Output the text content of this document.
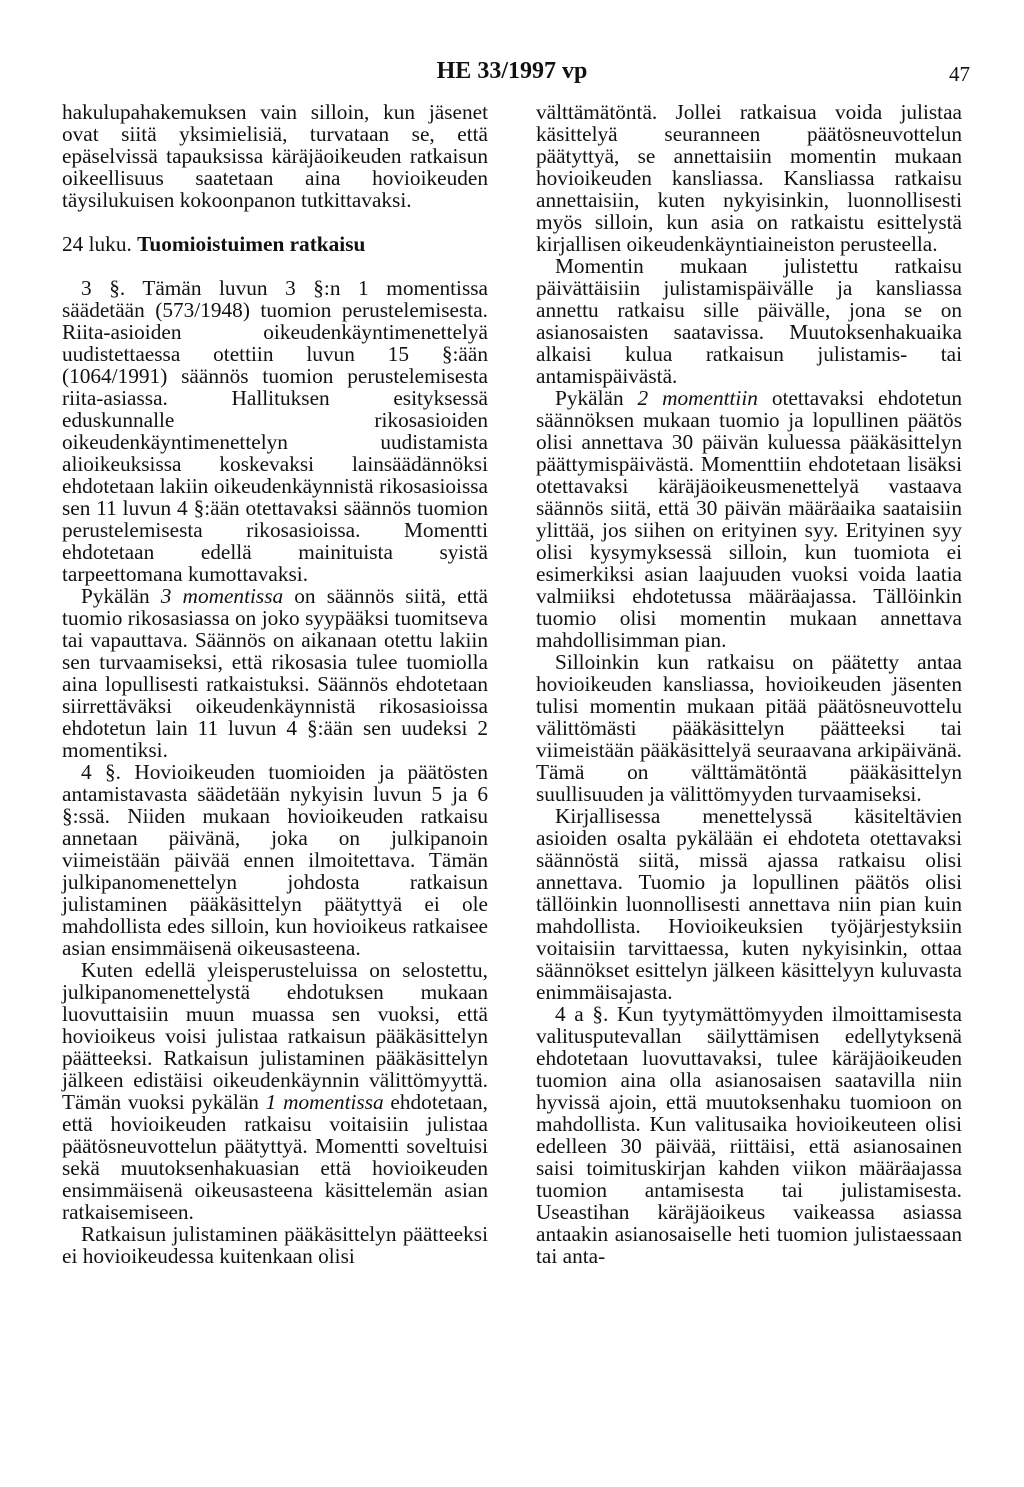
HE 33/1997 vp	47

hakulupahakemuksen vain silloin, kun jäsenet ovat siitä yksimielisiä, turvataan se, että epäselvissä tapauksissa käräjäoikeuden ratkaisun oikeellisuus saatetaan aina hovioikeuden täysilukuisen kokoonpanon tutkittavaksi.

24 luku. Tuomioistuimen ratkaisu

3 §. Tämän luvun 3 §:n 1 momentissa säädetään (573/1948) tuomion perustelemisesta. Riita-asioiden oikeudenkäyntimenettelyä uudistettaessa otettiin luvun 15 §:ään (1064/1991) säännös tuomion perustelemisesta riita-asiassa. Hallituksen esityksessä eduskunnalle rikosasioiden oikeudenkäyntimenettelyn uudistamista alioikeuksissa koskevaksi lainsäädännöksi ehdotetaan lakiin oikeudenkäynnistä rikosasioissa sen 11 luvun 4 §:ään otettavaksi säännös tuomion perustelemisesta rikosasioissa. Momentti ehdotetaan edellä mainituista syistä tarpeettomana kumottavaksi.

Pykälän 3 momentissa on säännös siitä, että tuomio rikosasiassa on joko syypääksi tuomitseva tai vapauttava. Säännös on aikanaan otettu lakiin sen turvaamiseksi, että rikosasia tulee tuomiolla aina lopullisesti ratkaistuksi. Säännös ehdotetaan siirrettäväksi oikeudenkäynnistä rikosasioissa ehdotetun lain 11 luvun 4 §:ään sen uudeksi 2 momentiksi.

4 §. Hovioikeuden tuomioiden ja päätösten antamistavasta säädetään nykyisin luvun 5 ja 6 §:ssä. Niiden mukaan hovioikeuden ratkaisu annetaan päivänä, joka on julkipanoin viimeistään päivää ennen ilmoitettava. Tämän julkipanomenettelyn johdosta ratkaisun julistaminen pääkäsittelyn päätyttyä ei ole mahdollista edes silloin, kun hovioikeus ratkaisee asian ensimmäisenä oikeusasteena.

Kuten edellä yleisperusteluissa on selostettu, julkipanomenettelystä ehdotuksen mukaan luovuttaisiin muun muassa sen vuoksi, että hovioikeus voisi julistaa ratkaisun pääkäsittelyn päätteeksi. Ratkaisun julistaminen pääkäsittelyn jälkeen edistäisi oikeudenkäynnin välittömyyttä. Tämän vuoksi pykälän 1 momentissa ehdotetaan, että hovioikeuden ratkaisu voitaisiin julistaa päätösneuvottelun päätyttyä. Momentti soveltuisi sekä muutoksenhakuasian että hovioikeuden ensimmäisenä oikeusasteena käsittelemän asian ratkaisemiseen.

Ratkaisun julistaminen pääkäsittelyn päätteeksi ei hovioikeudessa kuitenkaan olisi

välttämätöntä. Jollei ratkaisua voida julistaa käsittelyä seuranneen päätösneuvottelun päätyttyä, se annettaisiin momentin mukaan hovioikeuden kansliassa. Kansliassa ratkaisu annettaisiin, kuten nykyisinkin, luonnollisesti myös silloin, kun asia on ratkaistu esittelystä kirjallisen oikeudenkäyntiaineiston perusteella.

Momentin mukaan julistettu ratkaisu päivättäisiin julistamispäivälle ja kansliassa annettu ratkaisu sille päivälle, jona se on asianosaisten saatavissa. Muutoksenhakuaika alkaisi kulua ratkaisun julistamis- tai antamispäivästä.

Pykälän 2 momenttiin otettavaksi ehdotetun säännöksen mukaan tuomio ja lopullinen päätös olisi annettava 30 päivän kuluessa pääkäsittelyn päättymispäivästä. Momenttiin ehdotetaan lisäksi otettavaksi käräjäoikeusmenettelyä vastaava säännös siitä, että 30 päivän määräaika saataisiin ylittää, jos siihen on erityinen syy. Erityinen syy olisi kysymyksessä silloin, kun tuomiota ei esimerkiksi asian laajuuden vuoksi voida laatia valmiiksi ehdotetussa määräajassa. Tällöinkin tuomio olisi momentin mukaan annettava mahdollisimman pian.

Silloinkin kun ratkaisu on päätetty antaa hovioikeuden kansliassa, hovioikeuden jäsenten tulisi momentin mukaan pitää päätösneuvottelu välittömästi pääkäsittelyn päätteeksi tai viimeistään pääkäsittelyä seuraavana arkipäivänä. Tämä on välttämätöntä pääkäsittelyn suullisuuden ja välittömyyden turvaamiseksi.

Kirjallisessa menettelyssä käsiteltävien asioiden osalta pykälään ei ehdoteta otettavaksi säännöstä siitä, missä ajassa ratkaisu olisi annettava. Tuomio ja lopullinen päätös olisi tällöinkin luonnollisesti annettava niin pian kuin mahdollista. Hovioikeuksien työjärjestyksiin voitaisiin tarvittaessa, kuten nykyisinkin, ottaa säännökset esittelyn jälkeen käsittelyyn kuluvasta enimmäisajasta.

4 a §. Kun tyytymättömyyden ilmoittamisesta valitusputevallan säilyttämisen edellytyksenä ehdotetaan luovuttavaksi, tulee käräjäoikeuden tuomion aina olla asianosaisen saatavilla niin hyvissä ajoin, että muutoksenhaku tuomioon on mahdollista. Kun valitusaika hovioikeuteen olisi edelleen 30 päivää, riittäisi, että asianosainen saisi toimituskirjan kahden viikon määräajassa tuomion antamisesta tai julistamisesta. Useastihan käräjäoikeus vaikeassa asiassa antaakin asianosaiselle heti tuomion julistaessaan tai anta-
